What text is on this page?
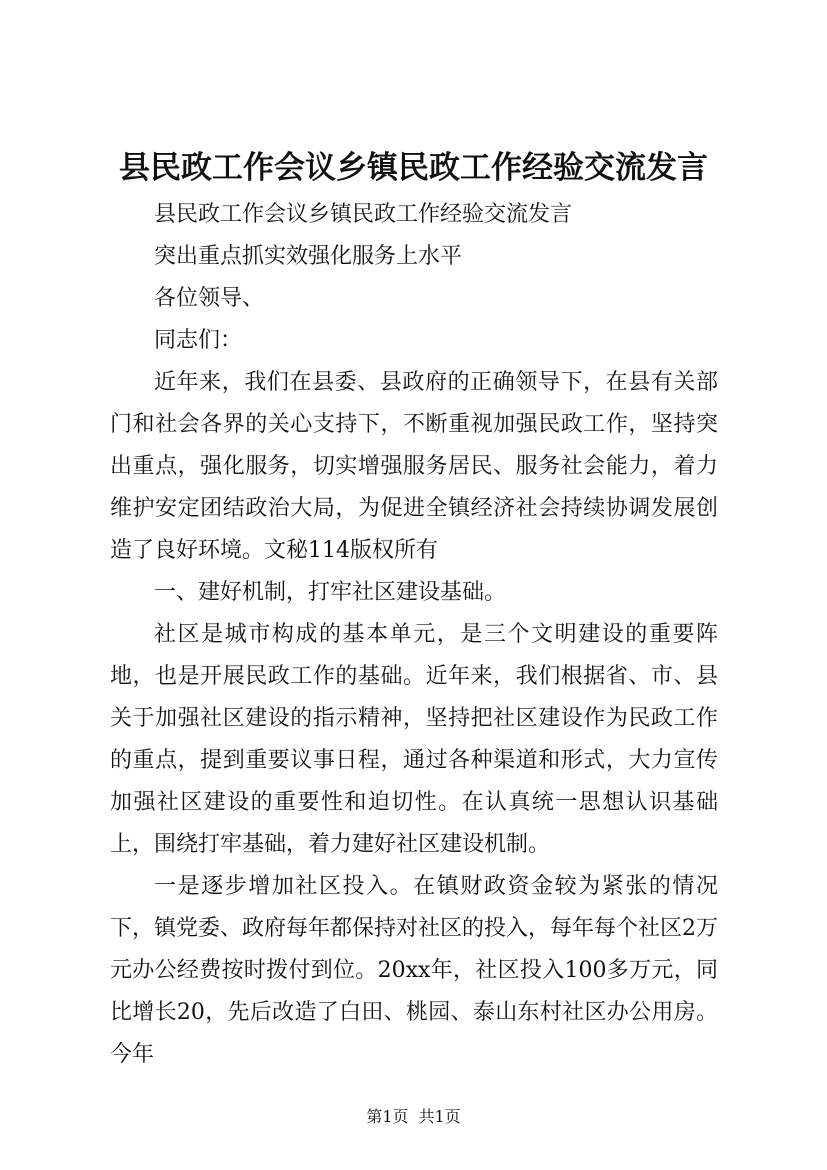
县民政工作会议乡镇民政工作经验交流发言

县民政工作会议乡镇民政工作经验交流发言

突出重点抓实效强化服务上水平

各位领导、

同志们：

近年来，我们在县委、县政府的正确领导下，在县有关部门和社会各界的关心支持下，不断重视加强民政工作，坚持突出重点，强化服务，切实增强服务居民、服务社会能力，着力维护安定团结政治大局，为促进全镇经济社会持续协调发展创造了良好环境。文秘114版权所有

一、建好机制，打牢社区建设基础。

社区是城市构成的基本单元，是三个文明建设的重要阵地，也是开展民政工作的基础。近年来，我们根据省、市、县关于加强社区建设的指示精神，坚持把社区建设作为民政工作的重点，提到重要议事日程，通过各种渠道和形式，大力宣传加强社区建设的重要性和迫切性。在认真统一思想认识基础上，围绕打牢基础，着力建好社区建设机制。

一是逐步增加社区投入。在镇财政资金较为紧张的情况下，镇党委、政府每年都保持对社区的投入，每年每个社区2万元办公经费按时拨付到位。20xx年，社区投入100多万元，同比增长20，先后改造了白田、桃园、泰山东村社区办公用房。今年

第1页 共1页
